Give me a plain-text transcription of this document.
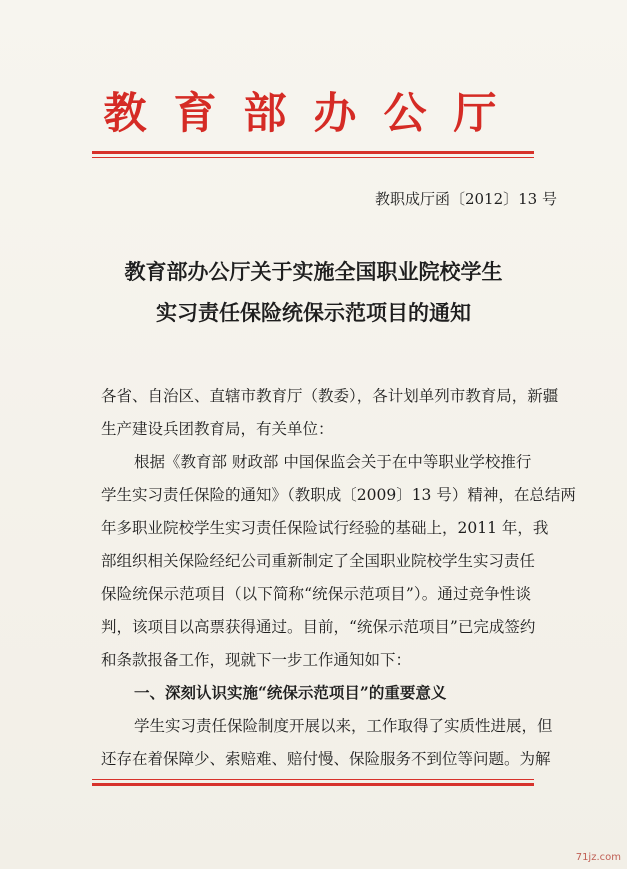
教育部办公厅
教职成厅函〔2012〕13 号
教育部办公厅关于实施全国职业院校学生
实习责任保险统保示范项目的通知
各省、自治区、直辖市教育厅（教委），各计划单列市教育局，新疆
生产建设兵团教育局，有关单位：
根据《教育部 财政部 中国保监会关于在中等职业学校推行
学生实习责任保险的通知》（教职成〔2009〕13 号）精神，在总结两
年多职业院校学生实习责任保险试行经验的基础上，2011 年，我
部组织相关保险经纪公司重新制定了全国职业院校学生实习责任
保险统保示范项目（以下简称“统保示范项目”）。通过竞争性谈
判，该项目以高票获得通过。目前，“统保示范项目”已完成签约
和条款报备工作，现就下一步工作通知如下：
一、深刻认识实施“统保示范项目”的重要意义
学生实习责任保险制度开展以来，工作取得了实质性进展，但
还存在着保障少、索赔难、赔付慢、保险服务不到位等问题。为解
71jz.com
